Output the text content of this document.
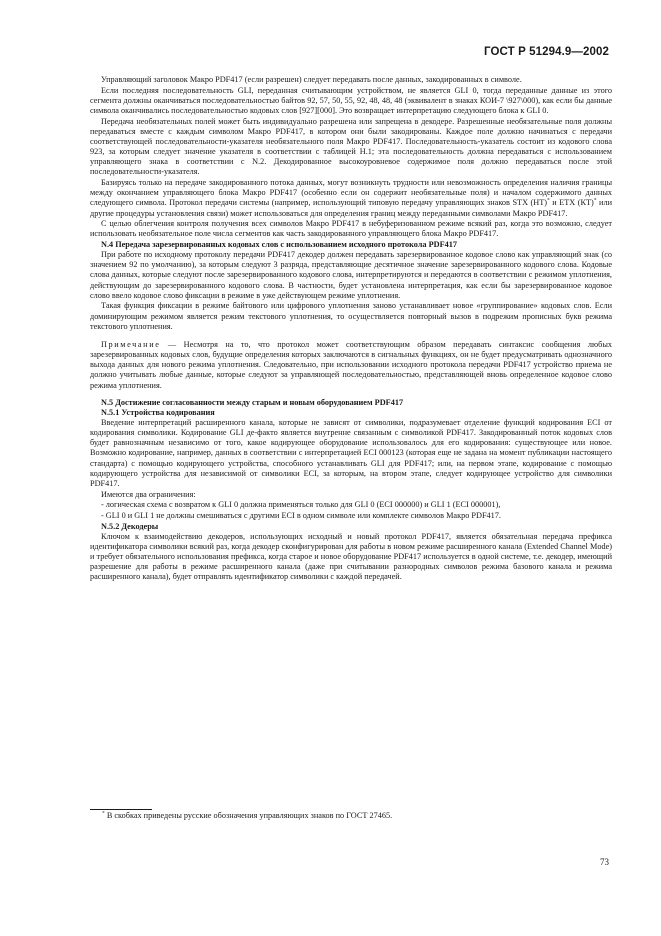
ГОСТ Р 51294.9—2002

Управляющий заголовок Макро PDF417 (если разрешен) следует передавать после данных, закодированных в символе.

Если последняя последовательность GLI, переданная считывающим устройством, не является GLI 0, тогда переданные данные из этого сегмента должны оканчиваться последовательностью байтов 92, 57, 50, 55, 92, 48, 48, 48 (эквивалент в знаках КОИ-7 \927\000), как если бы данные символа оканчивались последовательностью кодовых слов [927][000]. Это возвращает интерпретацию следующего блока к GLI 0.

Передача необязательных полей может быть индивидуально разрешена или запрещена в декодере. Разрешенные необязательные поля должны передаваться вместе с каждым символом Макро PDF417, в котором они были закодированы. Каждое поле должно начинаться с передачи соответствующей последовательности-указателя необязательного поля Макро PDF417. Последовательность-указатель состоит из кодового слова 923, за которым следует значение указателя в соответствии с таблицей Н.1; эта последовательность должна передаваться с использованием управляющего знака в соответствии с N.2. Декодированное высокоуровневое содержимое поля должно передаваться после этой последовательности-указателя.

Базируясь только на передаче закодированного потока данных, могут возникнуть трудности или невозможность определения наличия границы между окончанием управляющего блока Макро PDF417 (особенно если он содержит необязательные поля) и началом содержимого данных следующего символа. Протокол передачи системы (например, использующий типовую передачу управляющих знаков STX (НТ)* и ETX (КТ)* или другие процедуры установления связи) может использоваться для определения границ между переданными символами Макро PDF417.

С целью облегчения контроля получения всех символов Макро PDF417 в небуферизованном режиме всякий раз, когда это возможно, следует использовать необязательное поле числа сегментов как часть закодированного управляющего блока Макро PDF417.

N.4 Передача зарезервированных кодовых слов с использованием исходного протокола PDF417

При работе по исходному протоколу передачи PDF417 декодер должен передавать зарезервированное кодовое слово как управляющий знак (со значением 92 по умолчанию), за которым следуют 3 разряда, представляющие десятичное значение зарезервированного кодового слова. Кодовые слова данных, которые следуют после зарезервированного кодового слова, интерпретируются и передаются в соответствии с режимом уплотнения, действующим до зарезервированного кодового слова. В частности, будет установлена интерпретация, как если бы зарезервированное кодовое слово ввело кодовое слово фиксации в режиме в уже действующем режиме уплотнения.

Такая функция фиксации в режиме байтового или цифрового уплотнения заново устанавливает новое «группирование» кодовых слов. Если доминирующим режимом является режим текстового уплотнения, то осуществляется повторный вызов в подрежим прописных букв режима текстового уплотнения.

Примечание — Несмотря на то, что протокол может соответствующим образом передавать синтаксис сообщения любых зарезервированных кодовых слов, будущие определения которых заключаются в сигнальных функциях, он не будет предусматривать однозначного выхода данных для нового режима уплотнения. Следовательно, при использовании исходного протокола передачи PDF417 устройство приема не должно учитывать любые данные, которые следуют за управляющей последовательностью, представляющей вновь определенное кодовое слово режима уплотнения.

N.5 Достижение согласованности между старым и новым оборудованием PDF417
N.5.1 Устройства кодирования

Введение интерпретаций расширенного канала, которые не зависят от символики, подразумевает отделение функций кодирования ECI от кодирования символики. Кодирование GLI де-факто является внутренне связанным с символикой PDF417. Закодированный поток кодовых слов будет равнозначным независимо от того, какое кодирующее оборудование использовалось для его кодирования: существующее или новое. Возможно кодирование, например, данных в соответствии с интерпретацией ECI 000123 (которая еще не задана на момент публикации настоящего стандарта) с помощью кодирующего устройства, способного устанавливать GLI для PDF417; или, на первом этапе, кодирование с помощью кодирующего устройства для независимой от символики ECI, за которым, на втором этапе, следует кодирующее устройство для символики PDF417.

Имеются два ограничения:

- логическая схема с возвратом к GLI 0 должна применяться только для GLI 0 (ECI 000000) и GLI 1 (ECI 000001),

- GLI 0 и GLI 1 не должны смешиваться с другими ECI в одном символе или комплекте символов Макро PDF417.

N.5.2 Декодеры

Ключом к взаимодействию декодеров, использующих исходный и новый протокол PDF417, является обязательная передача префикса идентификатора символики всякий раз, когда декодер сконфигурирован для работы в новом режиме расширенного канала (Extended Channel Mode) и требует обязательного использования префикса, когда старое и новое оборудование PDF417 используется в одной системе, т.е. декодер, имеющий разрешение для работы в режиме расширенного канала (даже при считывании разнородных символов режима базового канала и режима расширенного канала), будет отправлять идентификатор символики с каждой передачей.

* В скобках приведены русские обозначения управляющих знаков по ГОСТ 27465.
73
